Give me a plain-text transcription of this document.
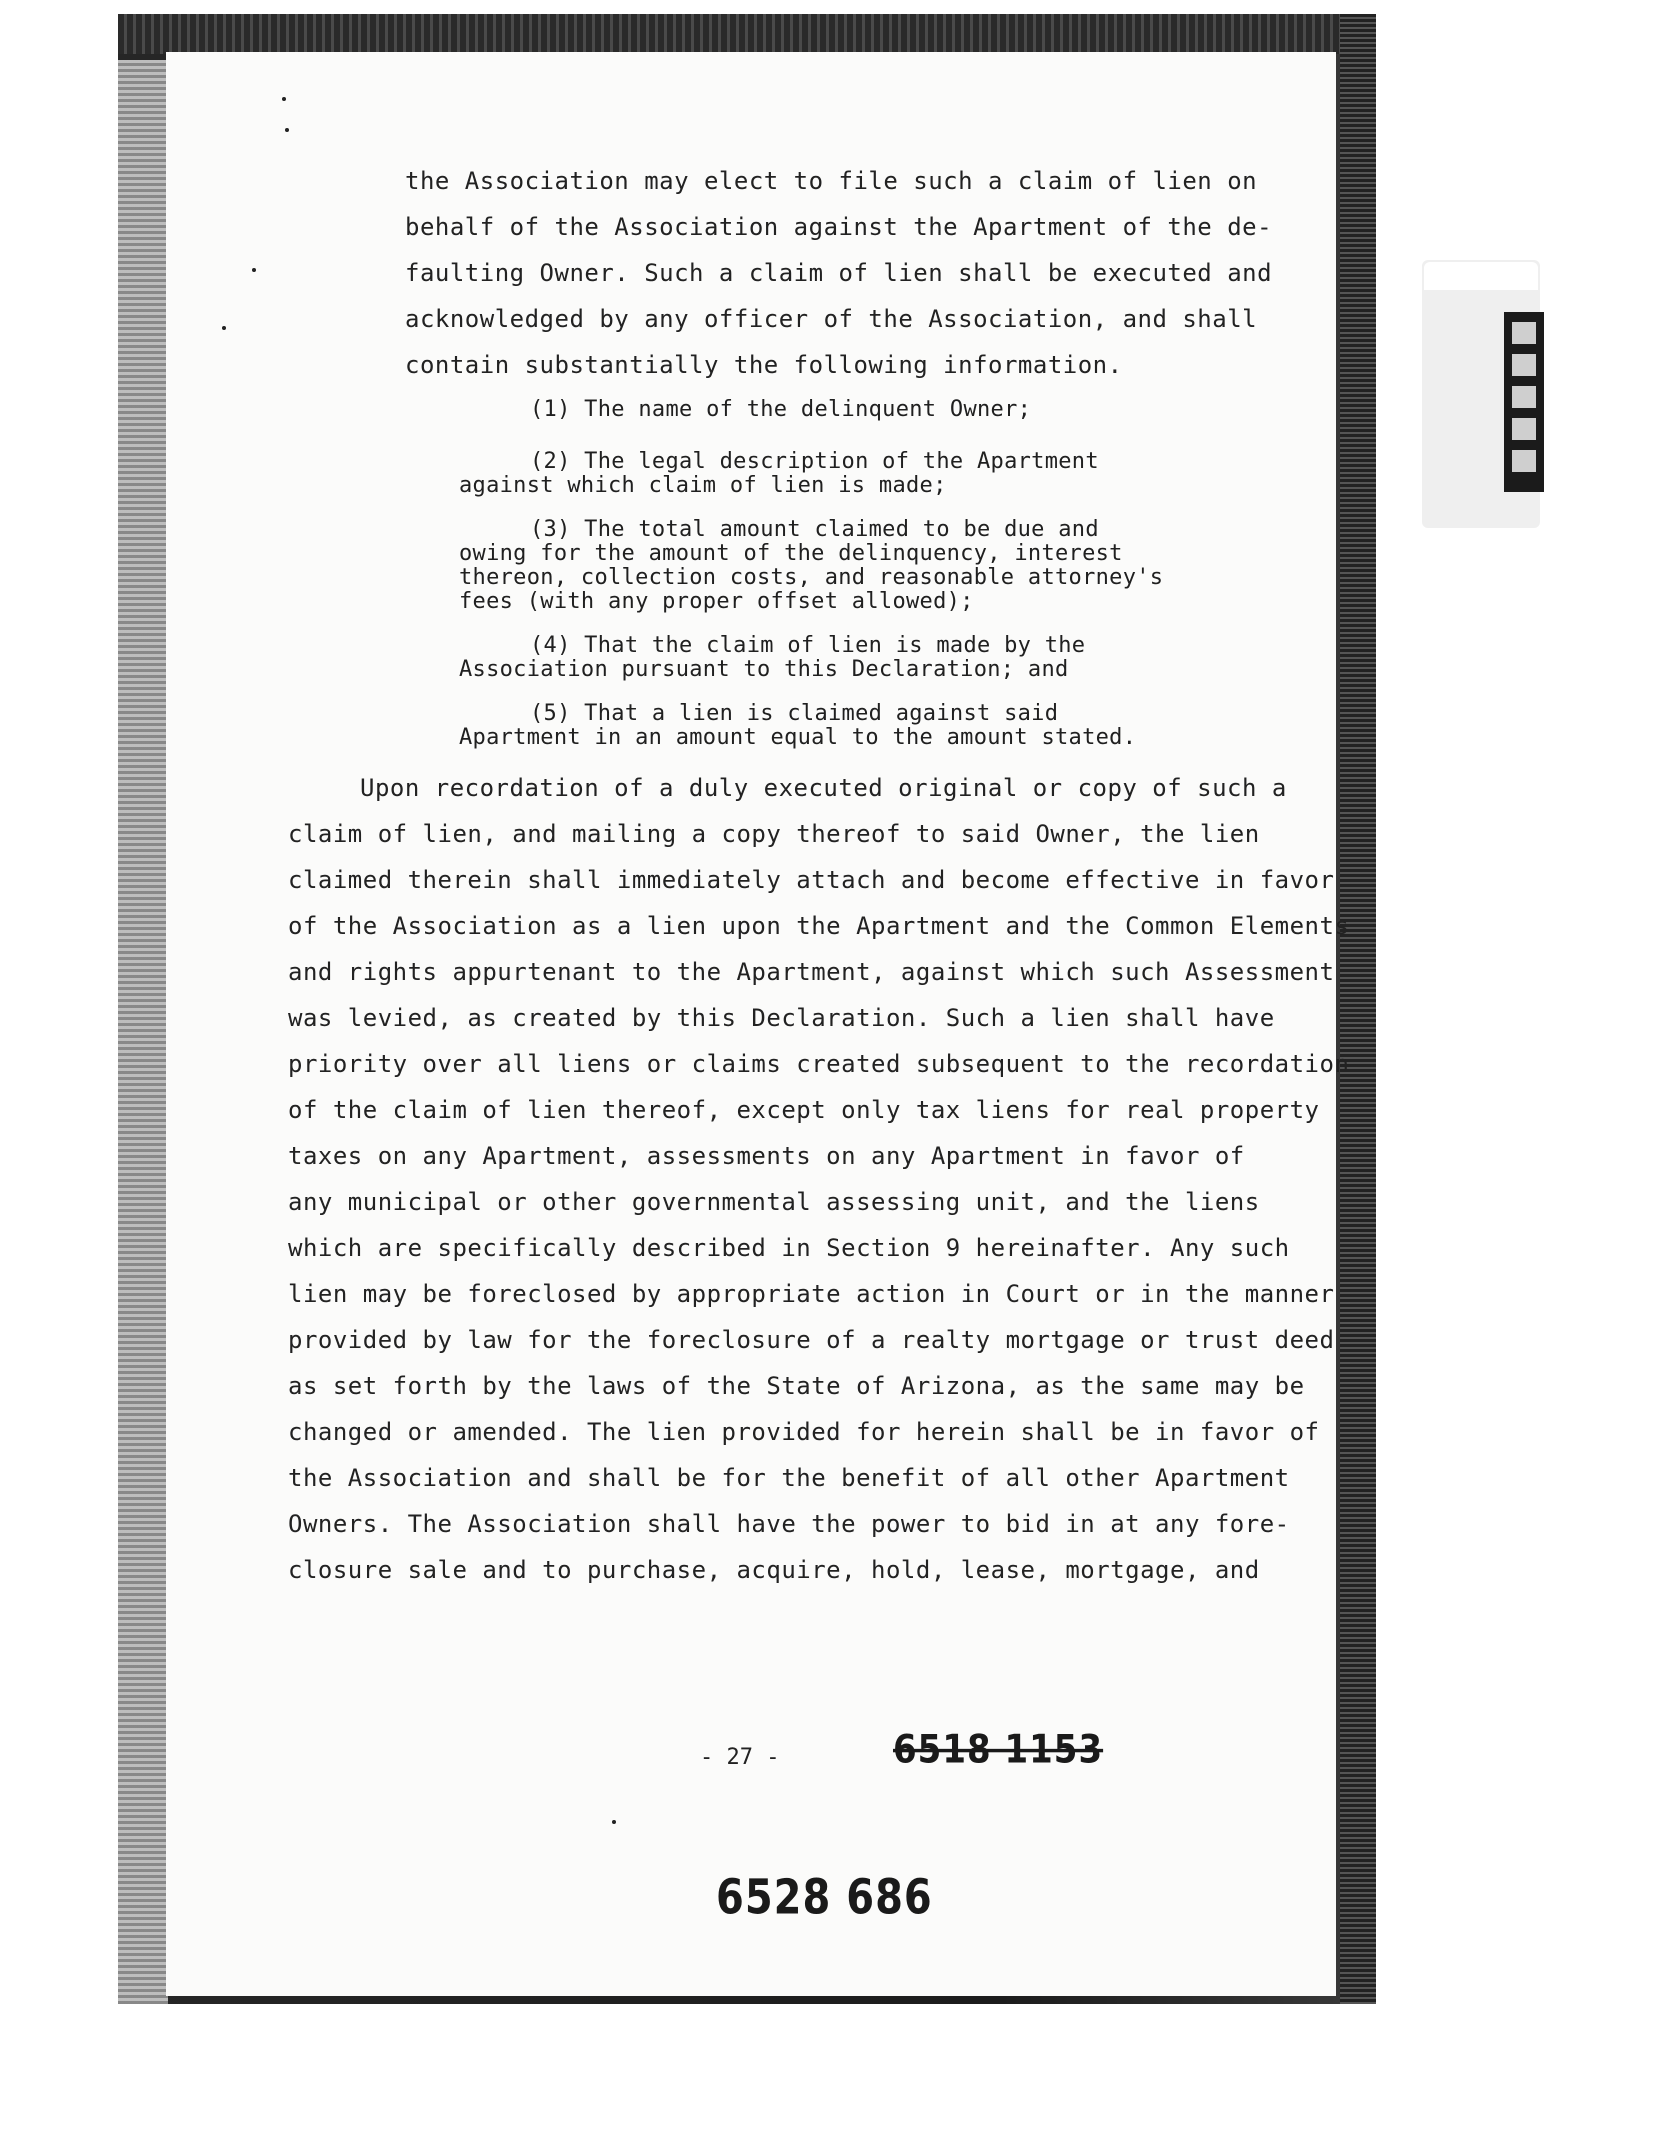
the Association may elect to file such a claim of lien on
behalf of the Association against the Apartment of the de-
faulting Owner. Such a claim of lien shall be executed and
acknowledged by any officer of the Association, and shall
contain substantially the following information.
(1) The name of the delinquent Owner;
(2) The legal description of the Apartment
against which claim of lien is made;
(3) The total amount claimed to be due and
owing for the amount of the delinquency, interest
thereon, collection costs, and reasonable attorney's
fees (with any proper offset allowed);
(4) That the claim of lien is made by the
Association pursuant to this Declaration; and
(5) That a lien is claimed against said
Apartment in an amount equal to the amount stated.
Upon recordation of a duly executed original or copy of such a
claim of lien, and mailing a copy thereof to said Owner, the lien
claimed therein shall immediately attach and become effective in favor
of the Association as a lien upon the Apartment and the Common Elements
and rights appurtenant to the Apartment, against which such Assessment
was levied, as created by this Declaration. Such a lien shall have
priority over all liens or claims created subsequent to the recordation
of the claim of lien thereof, except only tax liens for real property
taxes on any Apartment, assessments on any Apartment in favor of
any municipal or other governmental assessing unit, and the liens
which are specifically described in Section 9 hereinafter. Any such
lien may be foreclosed by appropriate action in Court or in the manner
provided by law for the foreclosure of a realty mortgage or trust deed
as set forth by the laws of the State of Arizona, as the same may be
changed or amended. The lien provided for herein shall be in favor of
the Association and shall be for the benefit of all other Apartment
Owners. The Association shall have the power to bid in at any fore-
closure sale and to purchase, acquire, hold, lease, mortgage, and
- 27 -	6518 1153
6528 686
